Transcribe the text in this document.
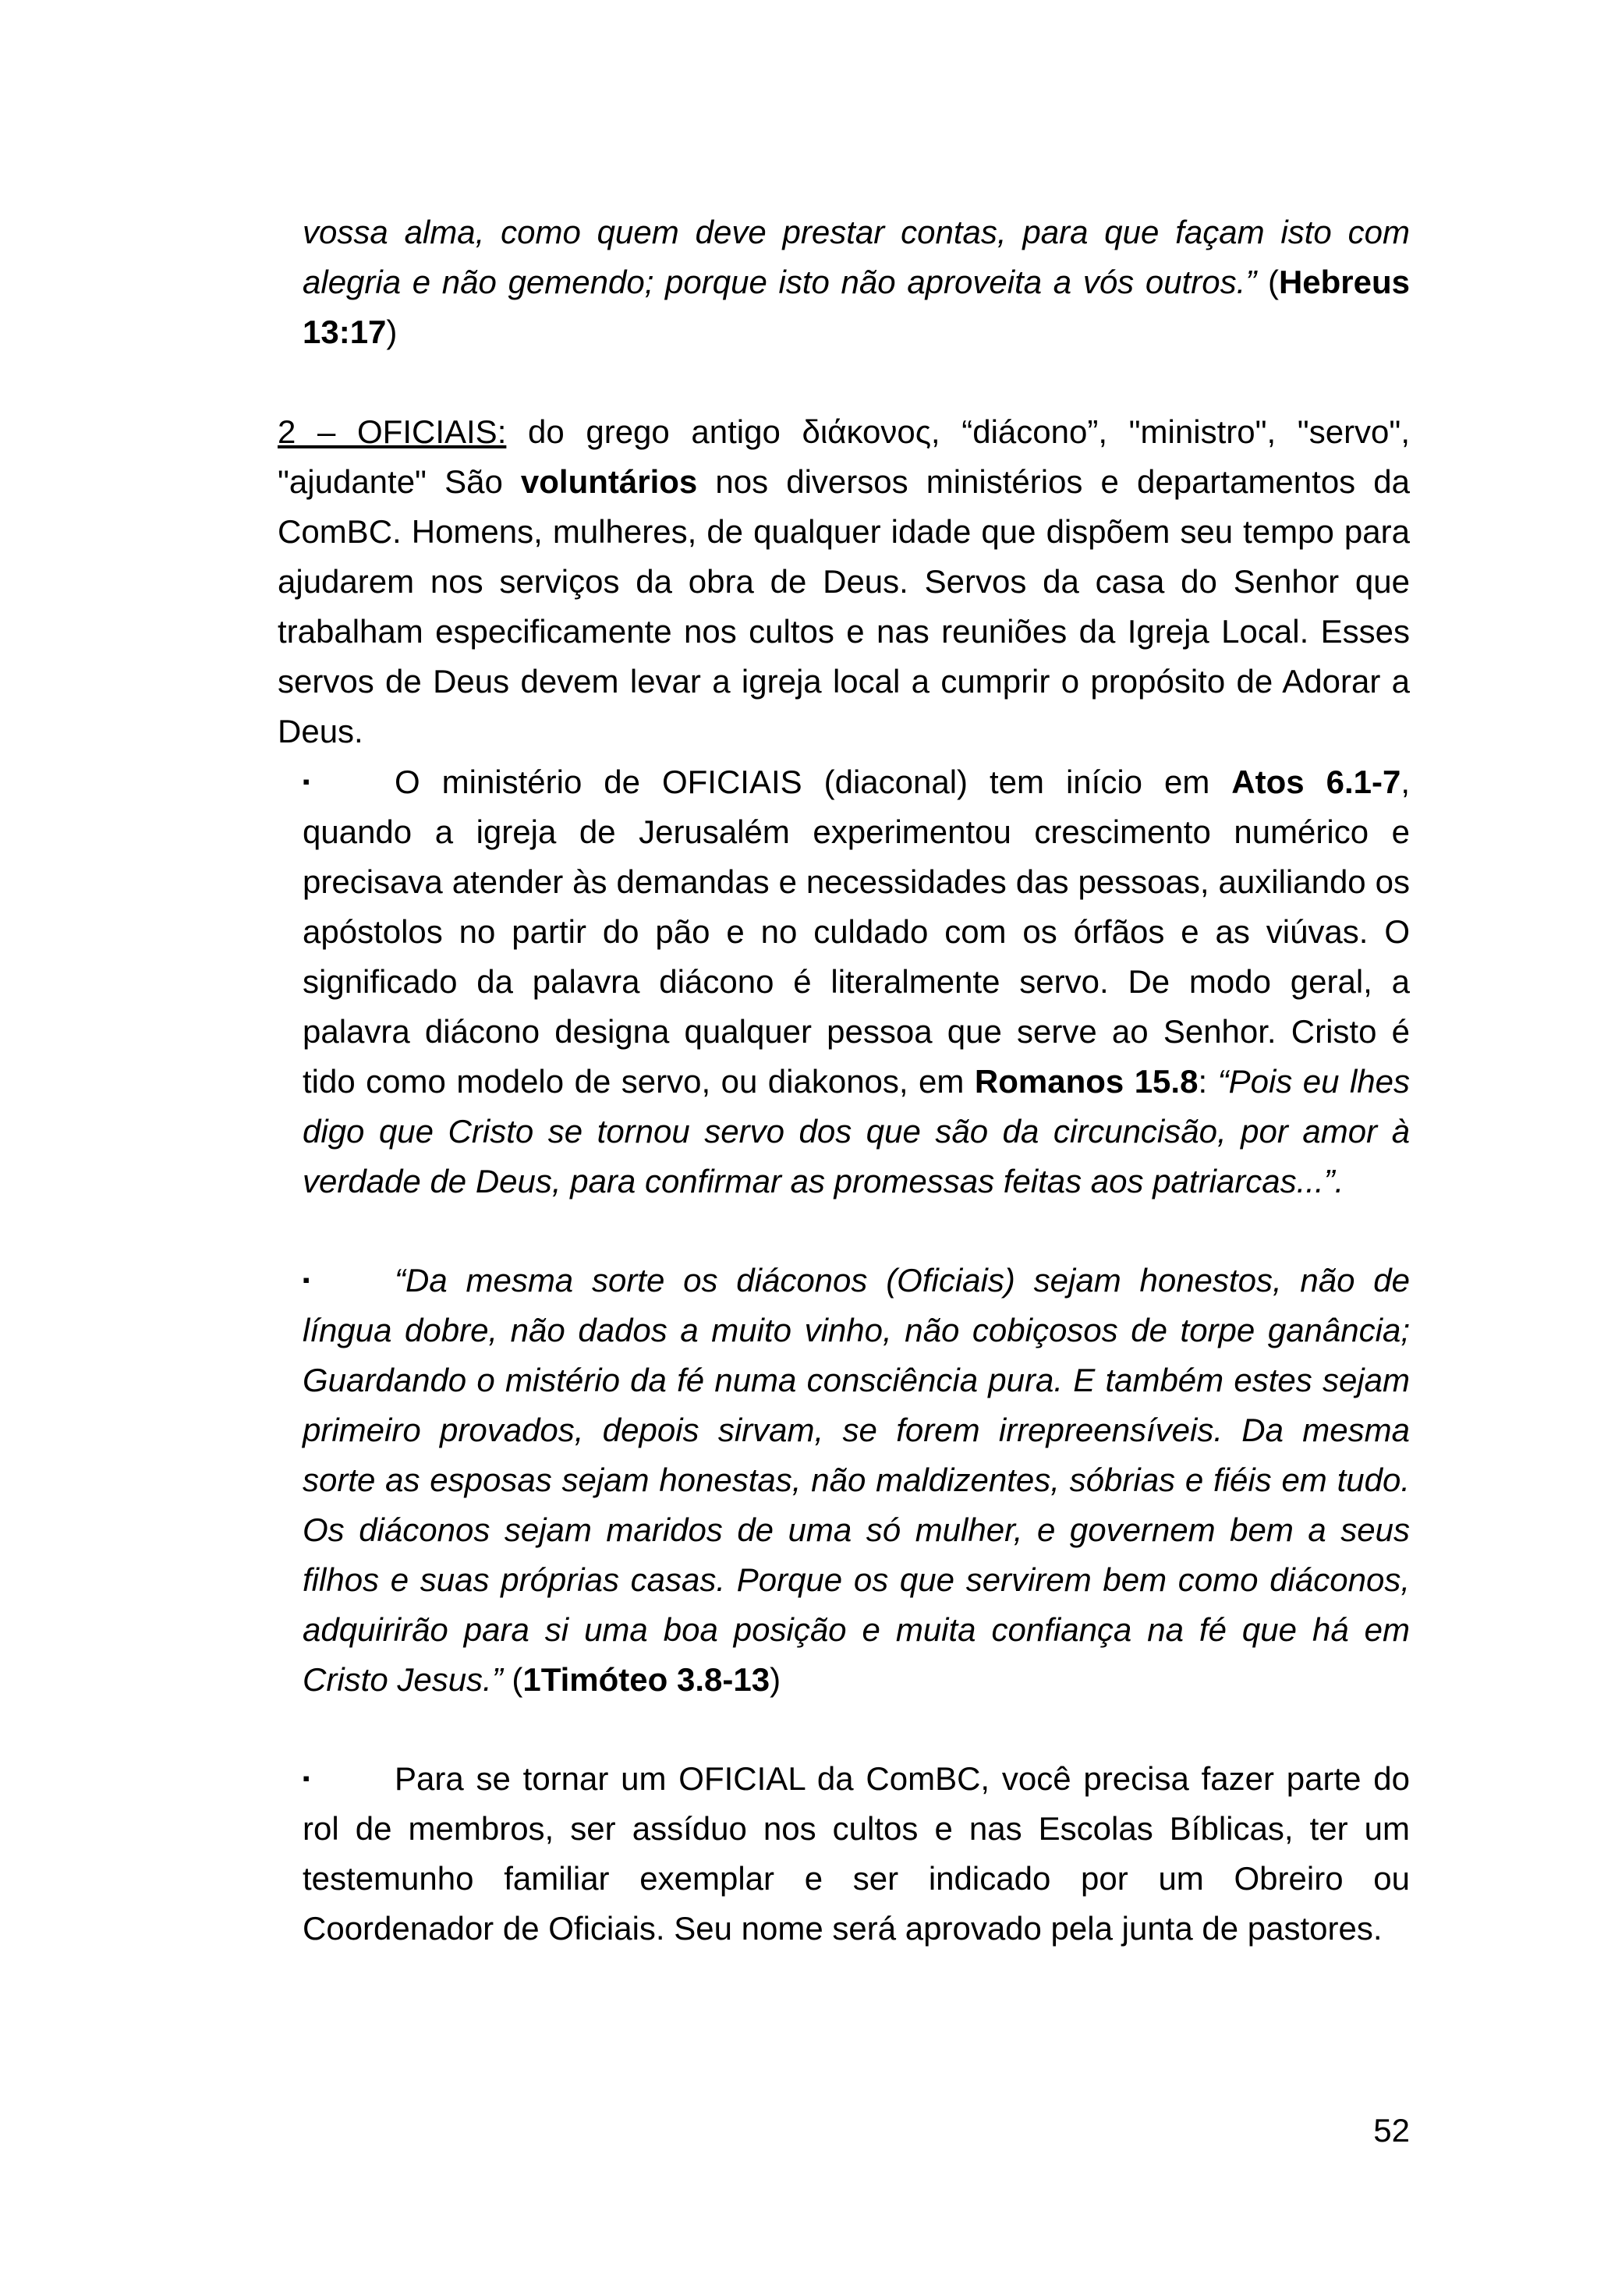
vossa alma, como quem deve prestar contas, para que façam isto com alegria e não gemendo; porque isto não aproveita a vós outros.” (Hebreus 13:17)
2 – OFICIAIS: do grego antigo διάκονος, “diácono”, "ministro", "servo", "ajudante" São voluntários nos diversos ministérios e departamentos da ComBC. Homens, mulheres, de qualquer idade que dispõem seu tempo para ajudarem nos serviços da obra de Deus. Servos da casa do Senhor que trabalham especificamente nos cultos e nas reuniões da Igreja Local. Esses servos de Deus devem levar a igreja local a cumprir o propósito de Adorar a Deus.
▪	O ministério de OFICIAIS (diaconal) tem início em Atos 6.1-7, quando a igreja de Jerusalém experimentou crescimento numérico e precisava atender às demandas e necessidades das pessoas, auxiliando os apóstolos no partir do pão e no culdado com os órfãos e as viúvas. O significado da palavra diácono é literalmente servo. De modo geral, a palavra diácono designa qualquer pessoa que serve ao Senhor. Cristo é tido como modelo de servo, ou diakonos, em Romanos 15.8: “Pois eu lhes digo que Cristo se tornou servo dos que são da circuncisão, por amor à verdade de Deus, para confirmar as promessas feitas aos patriarcas...”.
▪	“Da mesma sorte os diáconos (Oficiais) sejam honestos, não de língua dobre, não dados a muito vinho, não cobiçosos de torpe ganância; Guardando o mistério da fé numa consciência pura. E também estes sejam primeiro provados, depois sirvam, se forem irrepreensíveis. Da mesma sorte as esposas sejam honestas, não maldizentes, sóbrias e fiéis em tudo. Os diáconos sejam maridos de uma só mulher, e governem bem a seus filhos e suas próprias casas. Porque os que servirem bem como diáconos, adquirirão para si uma boa posição e muita confiança na fé que há em Cristo Jesus.” (1Timóteo 3.8-13)
▪	Para se tornar um OFICIAL da ComBC, você precisa fazer parte do rol de membros, ser assíduo nos cultos e nas Escolas Bíblicas, ter um testemunho familiar exemplar e ser indicado por um Obreiro ou Coordenador de Oficiais. Seu nome será aprovado pela junta de pastores.
52
